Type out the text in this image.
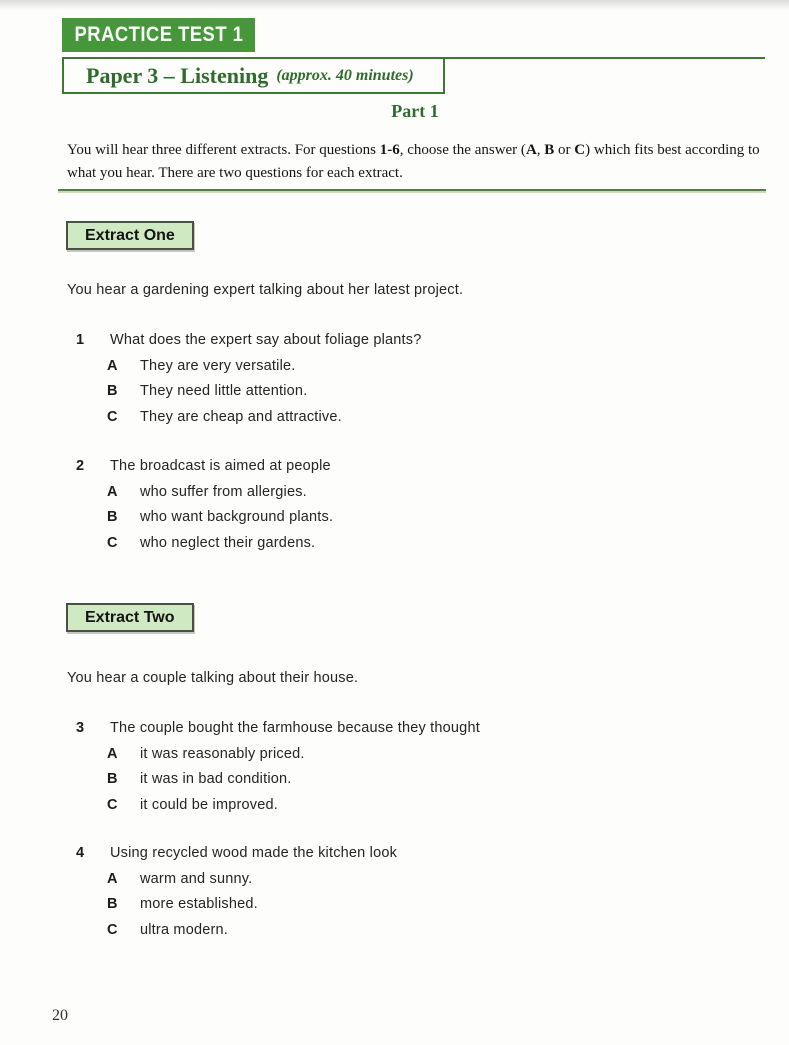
PRACTICE TEST 1
Paper 3 – Listening (approx. 40 minutes)
Part 1
You will hear three different extracts. For questions 1-6, choose the answer (A, B or C) which fits best according to what you hear. There are two questions for each extract.
Extract One
You hear a gardening expert talking about her latest project.
1	What does the expert say about foliage plants?
A	They are very versatile.
B	They need little attention.
C	They are cheap and attractive.
2	The broadcast is aimed at people
A	who suffer from allergies.
B	who want background plants.
C	who neglect their gardens.
Extract Two
You hear a couple talking about their house.
3	The couple bought the farmhouse because they thought
A	it was reasonably priced.
B	it was in bad condition.
C	it could be improved.
4	Using recycled wood made the kitchen look
A	warm and sunny.
B	more established.
C	ultra modern.
20
